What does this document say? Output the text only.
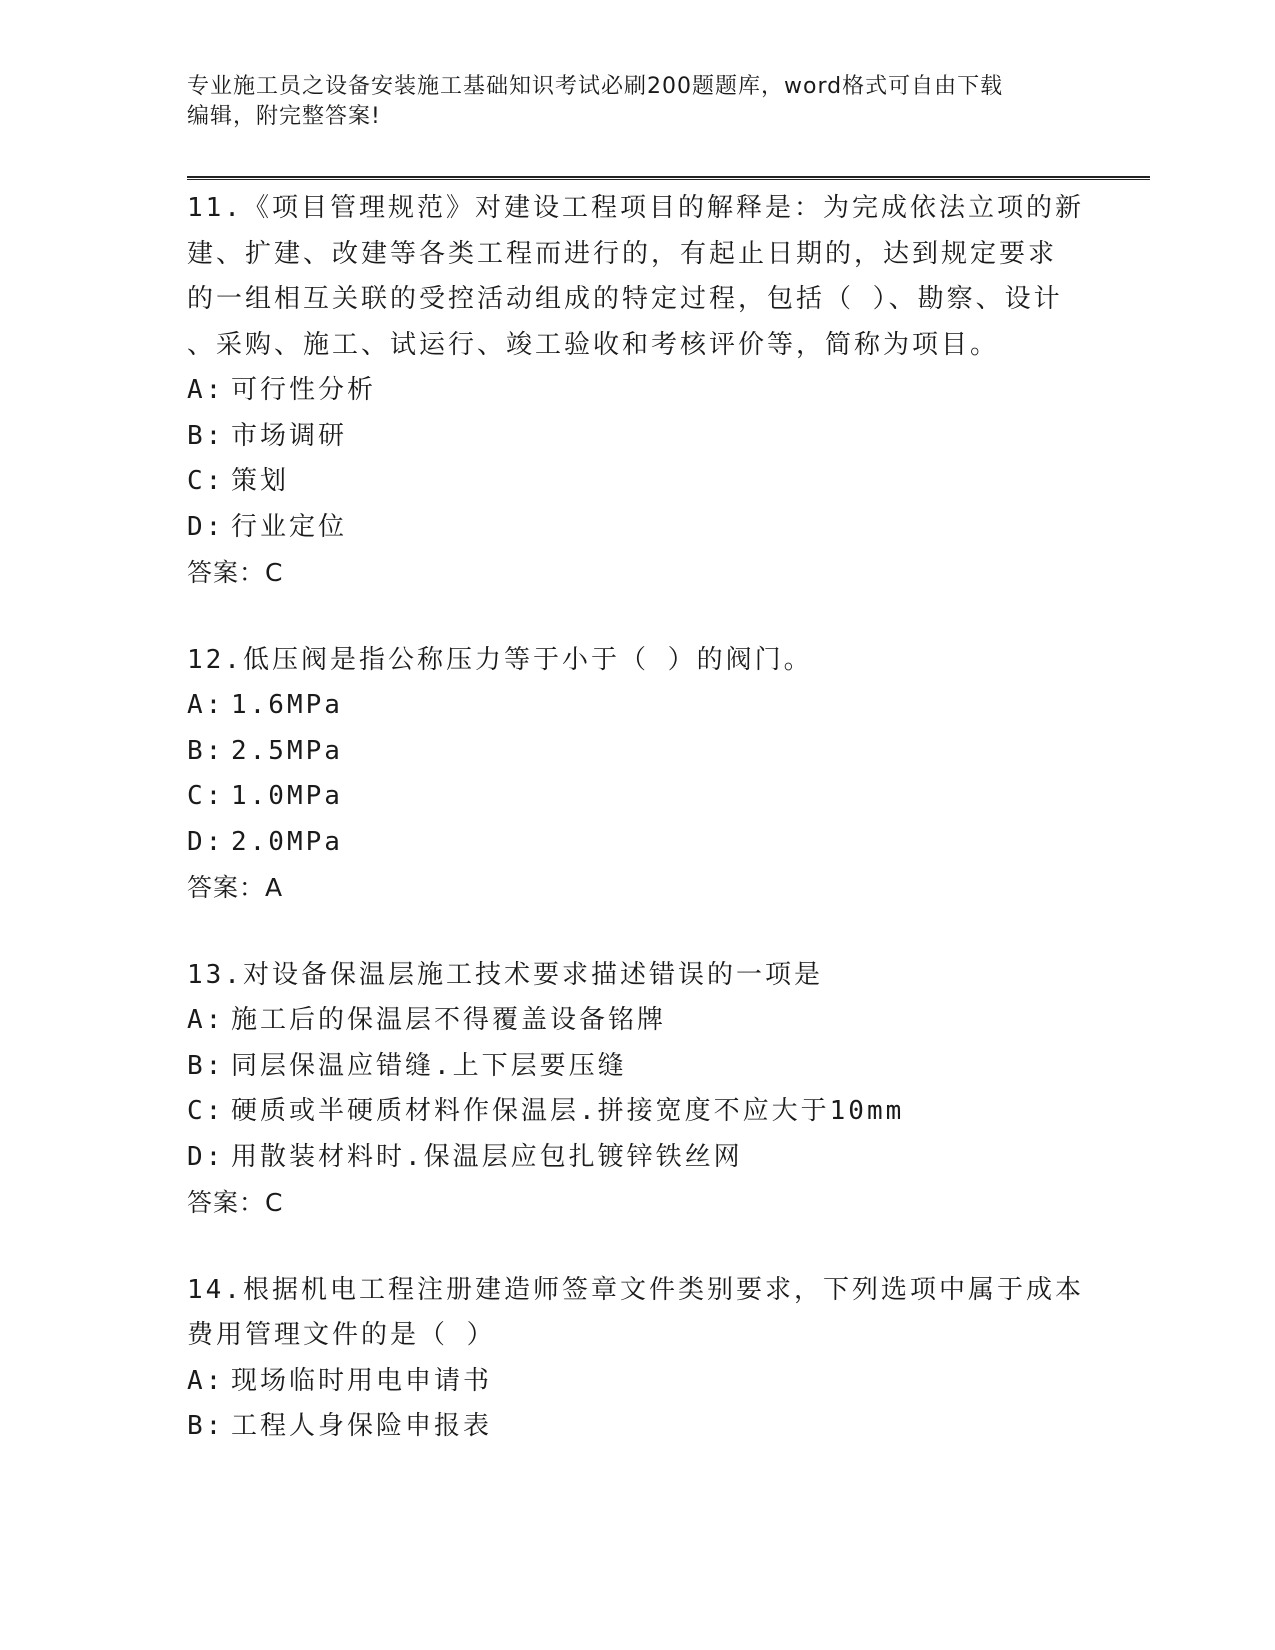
专业施工员之设备安装施工基础知识考试必刷200题题库，word格式可自由下载
编辑，附完整答案!
11.《项目管理规范》对建设工程项目的解释是：为完成依法立项的新
建、扩建、改建等各类工程而进行的，有起止日期的，达到规定要求
的一组相互关联的受控活动组成的特定过程，包括（ ）、勘察、设计
、采购、施工、试运行、竣工验收和考核评价等，简称为项目。
A: 可行性分析
B: 市场调研
C: 策划
D: 行业定位
答案：C
12.低压阀是指公称压力等于小于（ ）的阀门。
A: 1.6MPa
B: 2.5MPa
C: 1.0MPa
D: 2.0MPa
答案：A
13.对设备保温层施工技术要求描述错误的一项是
A: 施工后的保温层不得覆盖设备铭牌
B: 同层保温应错缝.上下层要压缝
C: 硬质或半硬质材料作保温层.拼接宽度不应大于10mm
D: 用散装材料时.保温层应包扎镀锌铁丝网
答案：C
14.根据机电工程注册建造师签章文件类别要求，下列选项中属于成本
费用管理文件的是（ ）
A: 现场临时用电申请书
B: 工程人身保险申报表
